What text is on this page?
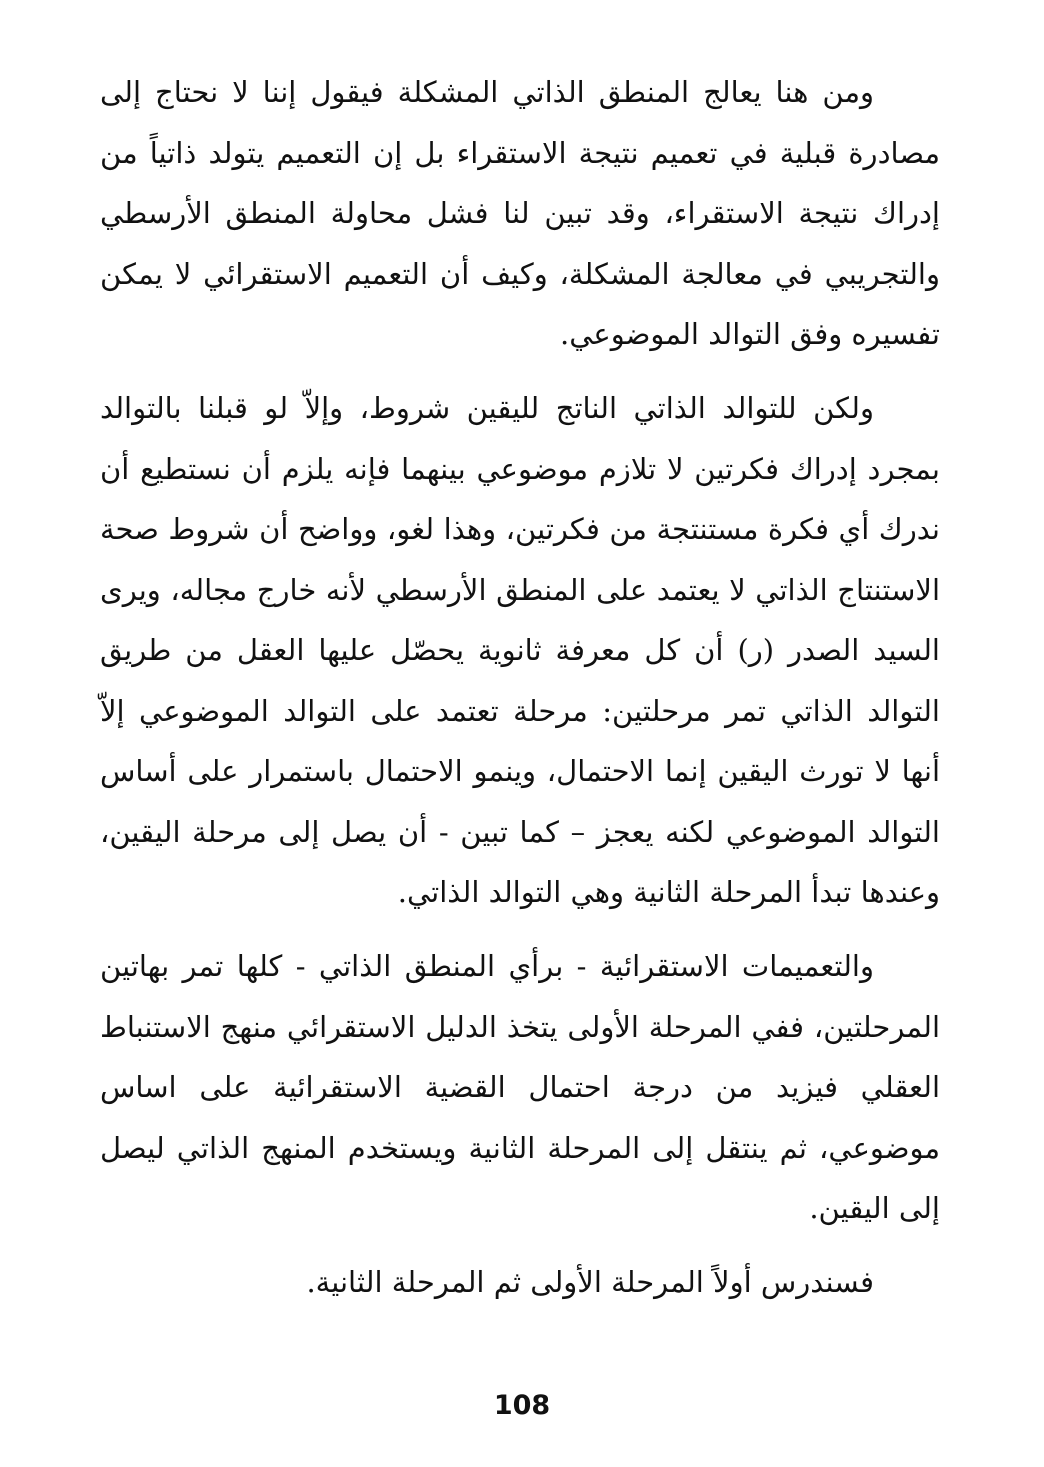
ومن هنا يعالج المنطق الذاتي المشكلة فيقول إننا لا نحتاج إلى مصادرة قبلية في تعميم نتيجة الاستقراء بل إن التعميم يتولد ذاتياً من إدراك نتيجة الاستقراء، وقد تبين لنا فشل محاولة المنطق الأرسطي والتجريبي في معالجة المشكلة، وكيف أن التعميم الاستقرائي لا يمكن تفسيره وفق التوالد الموضوعي.

ولكن للتوالد الذاتي الناتج لليقين شروط، وإلاّ لو قبلنا بالتوالد بمجرد إدراك فكرتين لا تلازم موضوعي بينهما فإنه يلزم أن نستطيع أن ندرك أي فكرة مستنتجة من فكرتين، وهذا لغو، وواضح أن شروط صحة الاستنتاج الذاتي لا يعتمد على المنطق الأرسطي لأنه خارج مجاله، ويرى السيد الصدر (ر) أن كل معرفة ثانوية يحصّل عليها العقل من طريق التوالد الذاتي تمر مرحلتين: مرحلة تعتمد على التوالد الموضوعي إلاّ أنها لا تورث اليقين إنما الاحتمال، وينمو الاحتمال باستمرار على أساس التوالد الموضوعي لكنه يعجز – كما تبين - أن يصل إلى مرحلة اليقين، وعندها تبدأ المرحلة الثانية وهي التوالد الذاتي.

والتعميمات الاستقرائية - برأي المنطق الذاتي - كلها تمر بهاتين المرحلتين، ففي المرحلة الأولى يتخذ الدليل الاستقرائي منهج الاستنباط العقلي فيزيد من درجة احتمال القضية الاستقرائية على اساس موضوعي، ثم ينتقل إلى المرحلة الثانية ويستخدم المنهج الذاتي ليصل إلى اليقين.

فسندرس أولاً المرحلة الأولى ثم المرحلة الثانية.

108
